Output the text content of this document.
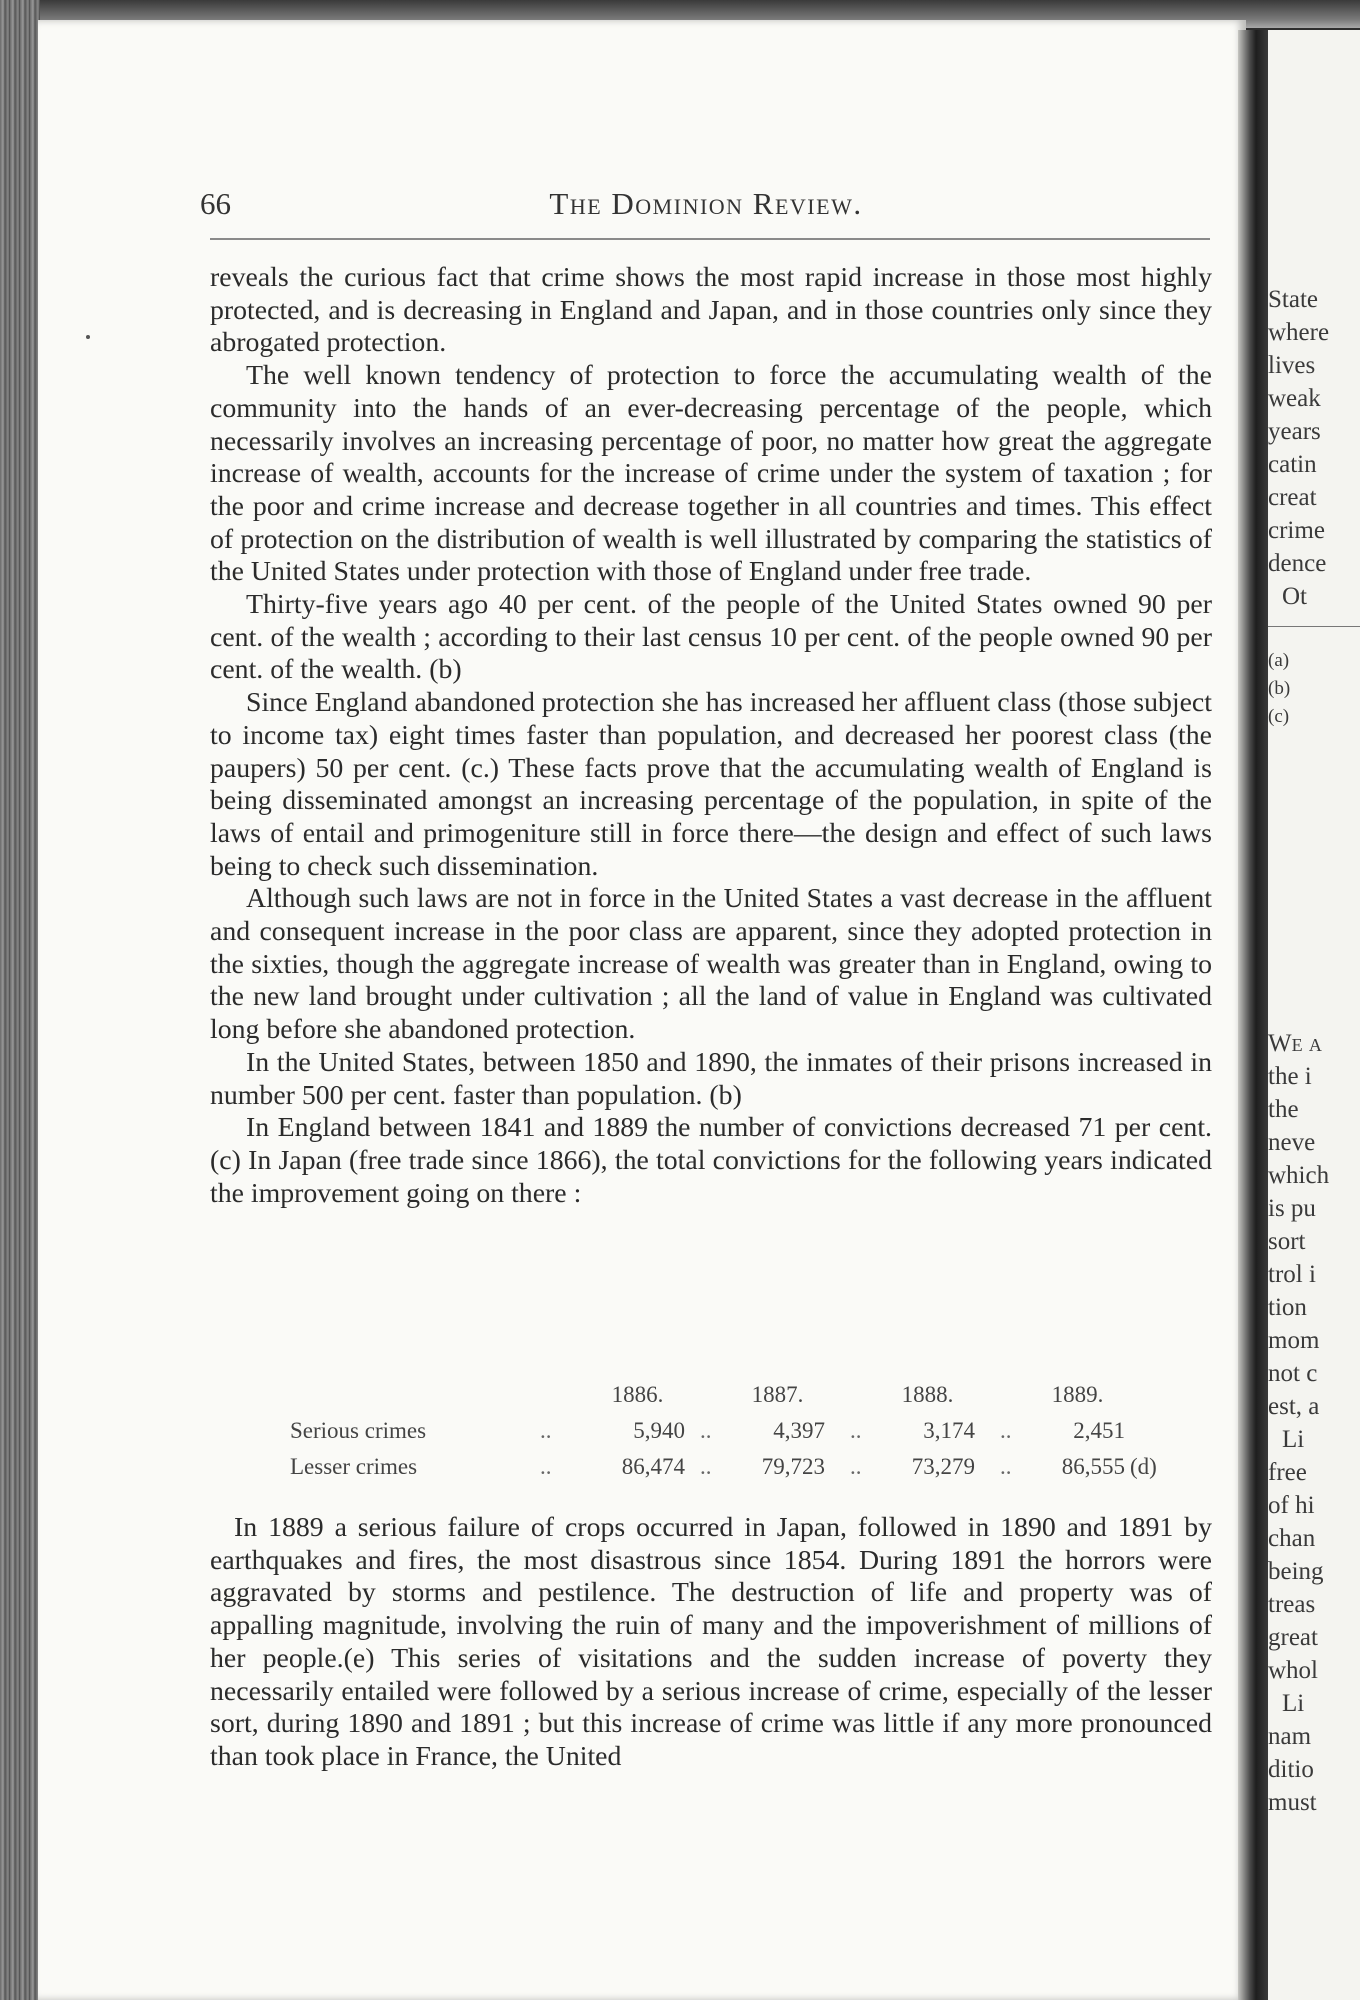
State
where
lives
weak
years
catin
creat
crime
dence
Ot
(a)
(b)
(c)
We a
the i
the
neve
which
is pu
sort
trol i
tion
mom
not c
est, a
Li
free
of hi
chan
being
treas
great
whol
Li
nam
ditio
must
66	The Dominion Review.

reveals the curious fact that crime shows the most rapid increase in those most highly protected, and is decreasing in England and Japan, and in those countries only since they abrogated protection.

The well known tendency of protection to force the accumulating wealth of the community into the hands of an ever-decreasing percentage of the people, which necessarily involves an increasing percentage of poor, no matter how great the aggregate increase of wealth, accounts for the increase of crime under the system of taxation ; for the poor and crime increase and decrease together in all countries and times. This effect of protection on the distribution of wealth is well illustrated by comparing the statistics of the United States under protection with those of England under free trade.

Thirty-five years ago 40 per cent. of the people of the United States owned 90 per cent. of the wealth ; according to their last census 10 per cent. of the people owned 90 per cent. of the wealth. (b)

Since England abandoned protection she has increased her affluent class (those subject to income tax) eight times faster than population, and decreased her poorest class (the paupers) 50 per cent. (c.) These facts prove that the accumulating wealth of England is being disseminated amongst an increasing percentage of the population, in spite of the laws of entail and primogeniture still in force there—the design and effect of such laws being to check such dissemination.

Although such laws are not in force in the United States a vast decrease in the affluent and consequent increase in the poor class are apparent, since they adopted protection in the sixties, though the aggregate increase of wealth was greater than in England, owing to the new land brought under cultivation ; all the land of value in England was cultivated long before she abandoned protection.

In the United States, between 1850 and 1890, the inmates of their prisons increased in number 500 per cent. faster than population. (b)

In England between 1841 and 1889 the number of convictions decreased 71 per cent.(c) In Japan (free trade since 1866), the total convictions for the following years indicated the improvement going on there :

1886.	1887.	1888.	1889.
Serious crimes	..	5,940 ..	4,397 ..	3,174 ..	2,451
Lesser crimes	..	86,474 ..	79,723 ..	73,279 ..	86,555 (d)

In 1889 a serious failure of crops occurred in Japan, followed in 1890 and 1891 by earthquakes and fires, the most disastrous since 1854. During 1891 the horrors were aggravated by storms and pestilence. The destruction of life and property was of appalling magnitude, involving the ruin of many and the impoverishment of millions of her people.(e) This series of visitations and the sudden increase of poverty they necessarily entailed were followed by a serious increase of crime, especially of the lesser sort, during 1890 and 1891 ; but this increase of crime was little if any more pronounced than took place in France, the United
